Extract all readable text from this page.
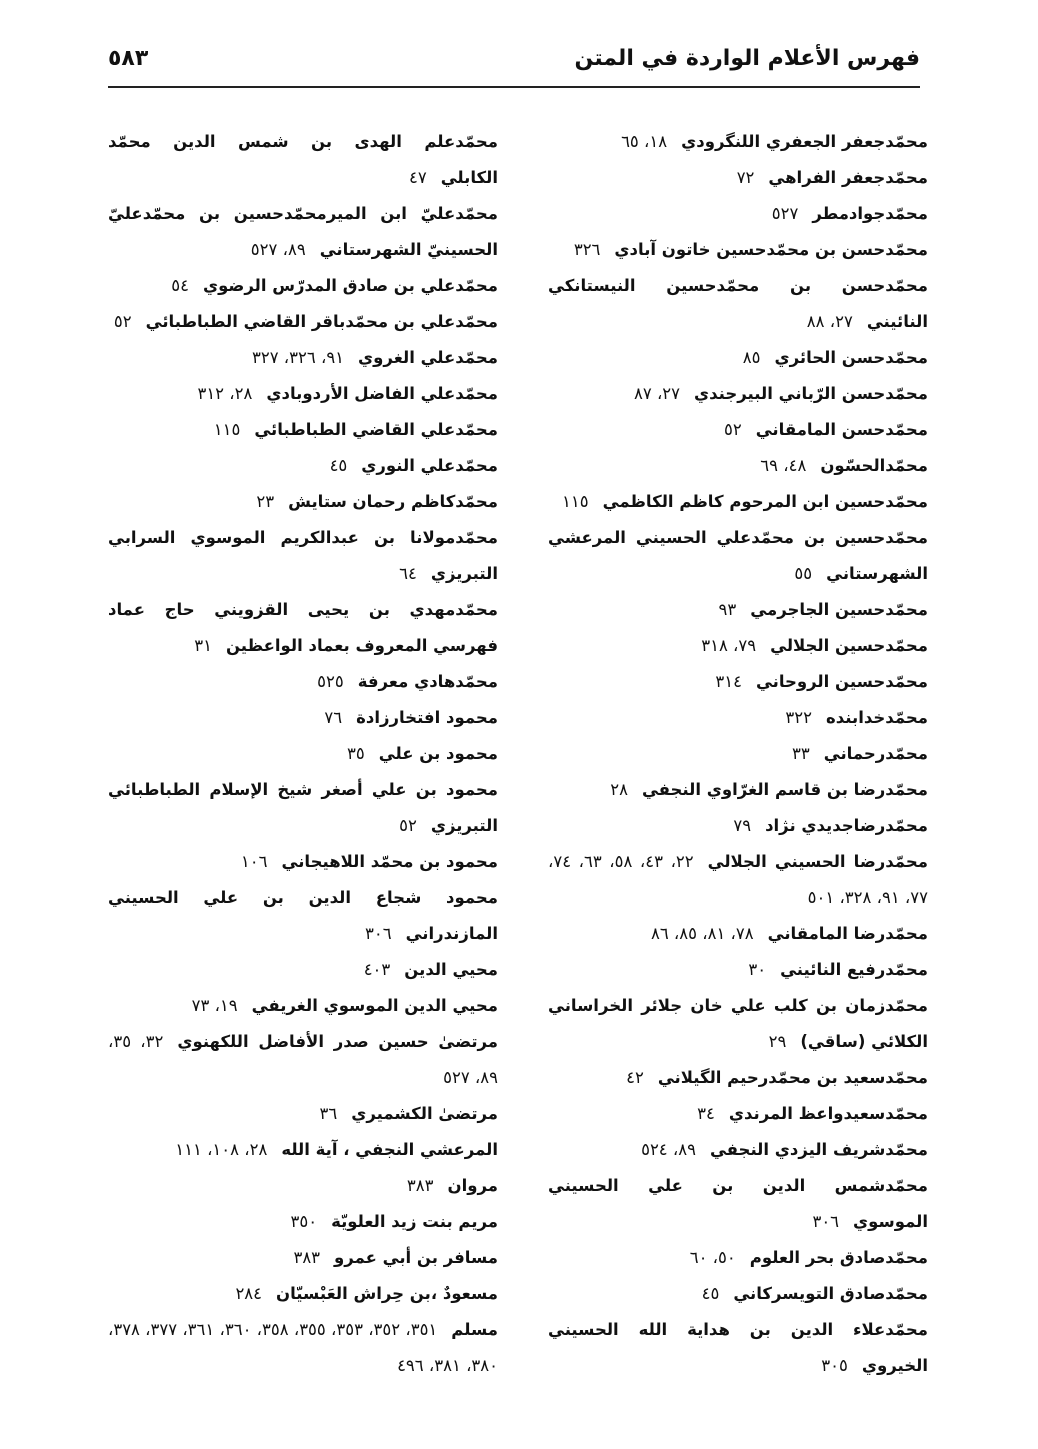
فهرس الأعلام الواردة في المتن
٥٨٣
محمّدجعفر الجعفري اللنگرودي١٨، ٦٥
محمّدجعفر الفراهي٧٢
محمّدجوادمطر٥٢٧
محمّدحسن بن محمّدحسين خاتون آبادي٣٢٦
محمّدحسن بن محمّدحسين النيستانكي النائيني٢٧، ٨٨
محمّدحسن الحائري٨٥
محمّدحسن الرّباني البيرجندي٢٧، ٨٧
محمّدحسن المامقاني٥٢
محمّدالحسّون٤٨، ٦٩
محمّدحسين ابن المرحوم كاظم الكاظمي١١٥
محمّدحسين بن محمّدعلي الحسيني المرعشي الشهرستاني٥٥
محمّدحسين الجاجرمي٩٣
محمّدحسين الجلالي٧٩، ٣١٨
محمّدحسين الروحاني٣١٤
محمّدخدابنده٣٢٢
محمّدرحماني٣٣
محمّدرضا بن قاسم الغرّاوي النجفي٢٨
محمّدرضاجديدي نژاد٧٩
محمّدرضا الحسيني الجلالي٢٢، ٤٣، ٥٨، ٦٣، ٧٤، ٧٧، ٩١، ٣٢٨، ٥٠١
محمّدرضا المامقاني٧٨، ٨١، ٨٥، ٨٦
محمّدرفيع النائيني٣٠
محمّدزمان بن كلب علي خان جلائر الخراساني الكلائي (ساقي)٢٩
محمّدسعيد بن محمّدرحيم الگيلاني٤٢
محمّدسعيدواعظ المرندي٣٤
محمّدشريف اليزدي النجفي٨٩، ٥٢٤
محمّدشمس الدين بن علي الحسيني الموسوي٣٠٦
محمّدصادق بحر العلوم٥٠، ٦٠
محمّدصادق التويسركاني٤٥
محمّدعلاء الدين بن هداية الله الحسيني الخيروي٣٠٥
محمّدعلم الهدى بن شمس الدين محمّد الكابلي٤٧
محمّدعليّ ابن الميرمحمّدحسين بن محمّدعليّ الحسينيّ الشهرستاني٨٩، ٥٢٧
محمّدعلي بن صادق المدرّس الرضوي٥٤
محمّدعلي بن محمّدباقر القاضي الطباطبائي٥٢
محمّدعلي الغروي٩١، ٣٢٦، ٣٢٧
محمّدعلي الفاضل الأردوبادي٢٨، ٣١٢
محمّدعلي القاضي الطباطبائي١١٥
محمّدعلي النوري٤٥
محمّدكاظم رحمان ستايش٢٣
محمّدمولانا بن عبدالكريم الموسوي السرابي التبريزي٦٤
محمّدمهدي بن يحيى القزويني حاج عماد فهرسي المعروف بعماد الواعظين٣١
محمّدهادي معرفة٥٢٥
محمود افتخارزادة٧٦
محمود بن علي٣٥
محمود بن علي أصغر شيخ الإسلام الطباطبائي التبريزي٥٢
محمود بن محمّد اللاهيجاني١٠٦
محمود شجاع الدين بن علي الحسيني المازندراني٣٠٦
محيي الدين٤٠٣
محيي الدين الموسوي الغريفي١٩، ٧٣
مرتضىٰ حسين صدر الأفاضل اللكهنوي٣٢، ٣٥، ٨٩، ٥٢٧
مرتضىٰ الكشميري٣٦
المرعشي النجفي ، آية الله٢٨، ١٠٨، ١١١
مروان٣٨٣
مريم بنت زيد العلويّة٣٥٠
مسافر بن أبي عمرو٣٨٣
مسعودٌ ،بن حِراش العَبْسيّان٢٨٤
مسلم٣٥١، ٣٥٢، ٣٥٣، ٣٥٥، ٣٥٨، ٣٦٠، ٣٦١، ٣٧٧، ٣٧٨، ٣٨٠، ٣٨١، ٤٩٦
